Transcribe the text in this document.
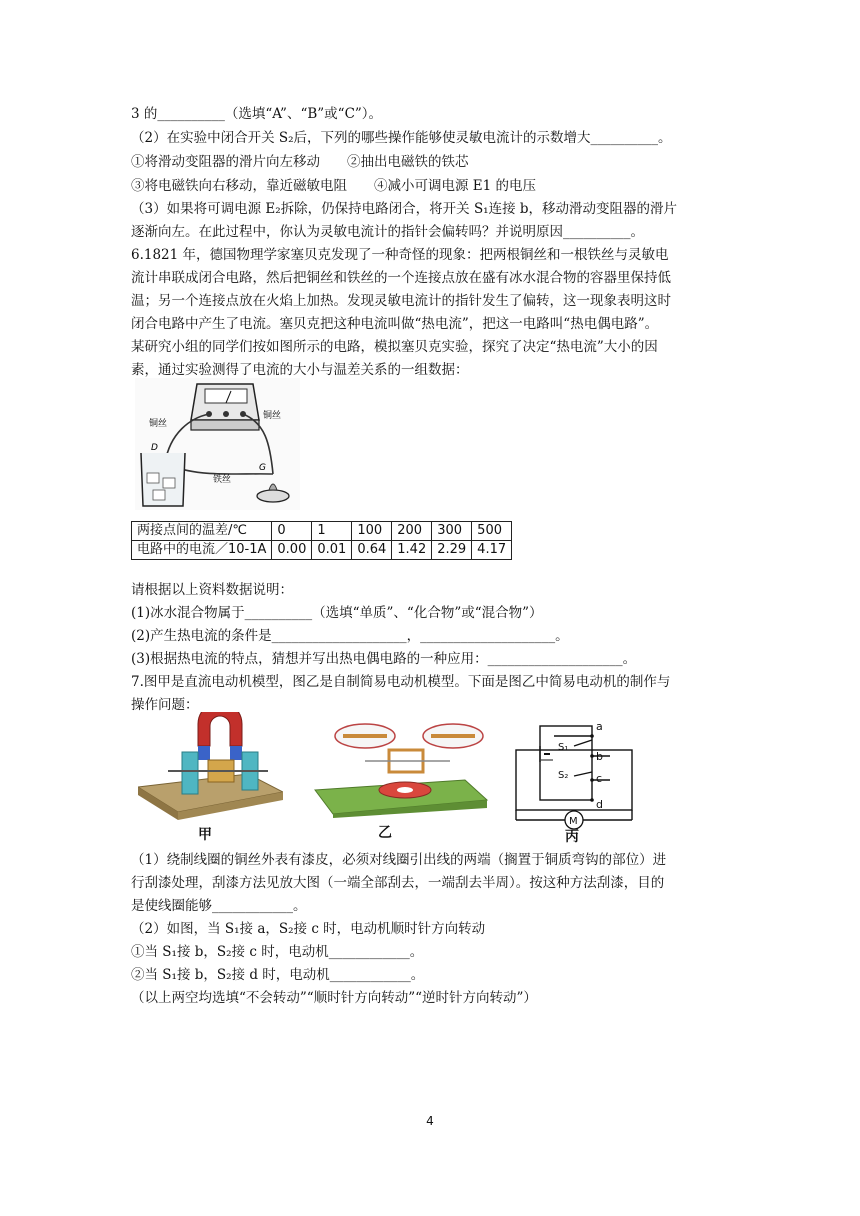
3 的__________（选填“A”、“B”或“C”）。
（2）在实验中闭合开关 S₂后，下列的哪些操作能够使灵敏电流计的示数增大__________。
①将滑动变阻器的滑片向左移动　　②抽出电磁铁的铁芯
③将电磁铁向右移动，靠近磁敏电阻　　④减小可调电源 E1 的电压
（3）如果将可调电源 E₂拆除，仍保持电路闭合，将开关 S₁连接 b，移动滑动变阻器的滑片
逐渐向左。在此过程中，你认为灵敏电流计的指针会偏转吗？并说明原因__________。
6.1821 年，德国物理学家塞贝克发现了一种奇怪的现象：把两根铜丝和一根铁丝与灵敏电
流计串联成闭合电路，然后把铜丝和铁丝的一个连接点放在盛有冰水混合物的容器里保持低
温；另一个连接点放在火焰上加热。发现灵敏电流计的指针发生了偏转，这一现象表明这时
闭合电路中产生了电流。塞贝克把这种电流叫做“热电流”，把这一电路叫“热电偶电路”。
某研究小组的同学们按如图所示的电路，模拟塞贝克实验，探究了决定“热电流”大小的因
素，通过实验测得了电流的大小与温差关系的一组数据：
铜丝
铜丝
铁丝
D
G
两接点间的温差/℃	0	1	100	200	300	500
电路中的电流／10-1A	0.00	0.01	0.64	1.42	2.29	4.17
请根据以上资料数据说明：
(1)冰水混合物属于__________（选填“单质”、“化合物”或“混合物”）
(2)产生热电流的条件是____________________，____________________。
(3)根据热电流的特点，猜想并写出热电偶电路的一种应用：____________________。
7.图甲是直流电动机模型，图乙是自制简易电动机模型。下面是图乙中简易电动机的制作与
操作问题：
甲	乙
a
b
c
d
S₁
S₂
M
丙
（1）绕制线圈的铜丝外表有漆皮，必须对线圈引出线的两端（搁置于铜质弯钩的部位）进
行刮漆处理，刮漆方法见放大图（一端全部刮去，一端刮去半周）。按这种方法刮漆，目的
是使线圈能够____________。
（2）如图，当 S₁接 a，S₂接 c 时，电动机顺时针方向转动
①当 S₁接 b，S₂接 c 时，电动机____________。
②当 S₁接 b，S₂接 d 时，电动机____________。
（以上两空均选填“不会转动”“顺时针方向转动”“逆时针方向转动”）
4
